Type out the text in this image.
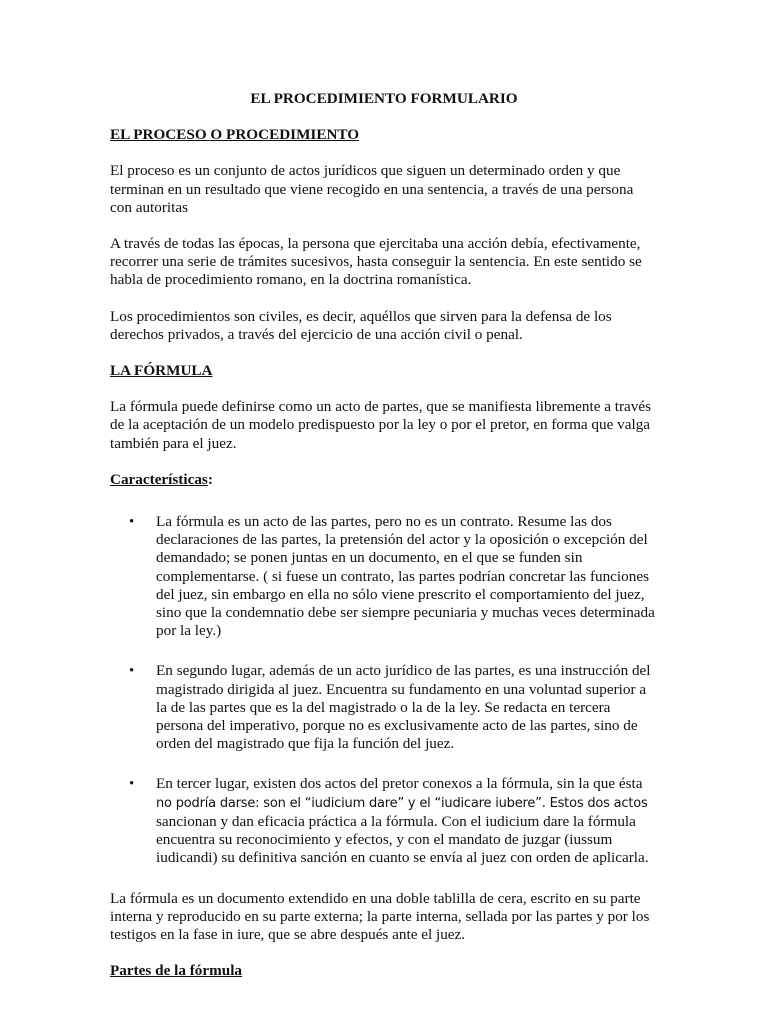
EL PROCEDIMIENTO FORMULARIO

EL PROCESO O PROCEDIMIENTO

El proceso es un conjunto de actos jurídicos que siguen un determinado orden y que terminan en un resultado que viene recogido en una sentencia, a través de una persona con autoritas

A través de todas las épocas, la persona que ejercitaba una acción debía, efectivamente, recorrer una serie de trámites sucesivos, hasta conseguir la sentencia. En este sentido se habla de procedimiento romano, en la doctrina romanística.

Los procedimientos son civiles, es decir, aquéllos que sirven para la defensa de los derechos privados, a través del ejercicio de una acción civil o penal.

LA FÓRMULA

La fórmula puede definirse como un acto de partes, que se manifiesta libremente a través de la aceptación de un modelo predispuesto por la ley o por el pretor, en forma que valga también para el juez.

Características:

• La fórmula es un acto de las partes, pero no es un contrato. Resume las dos declaraciones de las partes, la pretensión del actor y la oposición o excepción del demandado; se ponen juntas en un documento, en el que se funden sin complementarse. ( si fuese un contrato, las partes podrían concretar las funciones del juez, sin embargo en ella no sólo viene prescrito el comportamiento del juez, sino que la condemnatio debe ser siempre pecuniaria y muchas veces determinada por la ley.)
• En segundo lugar, además de un acto jurídico de las partes, es una instrucción del magistrado dirigida al juez. Encuentra su fundamento en una voluntad superior a la de las partes que es la del magistrado o la de la ley. Se redacta en tercera persona del imperativo, porque no es exclusivamente acto de las partes, sino de orden del magistrado que fija la función del juez.
• En tercer lugar, existen dos actos del pretor conexos a la fórmula, sin la que ésta no podría darse: son el “iudicium dare” y el “iudicare iubere”. Estos dos actos sancionan y dan eficacia práctica a la fórmula. Con el iudicium dare la fórmula encuentra su reconocimiento y efectos, y con el mandato de juzgar (iussum iudicandi) su definitiva sanción en cuanto se envía al juez con orden de aplicarla.

La fórmula es un documento extendido en una doble tablilla de cera, escrito en su parte interna y reproducido en su parte externa; la parte interna, sellada por las partes y por los testigos en la fase in iure, que se abre después ante el juez.

Partes de la fórmula
